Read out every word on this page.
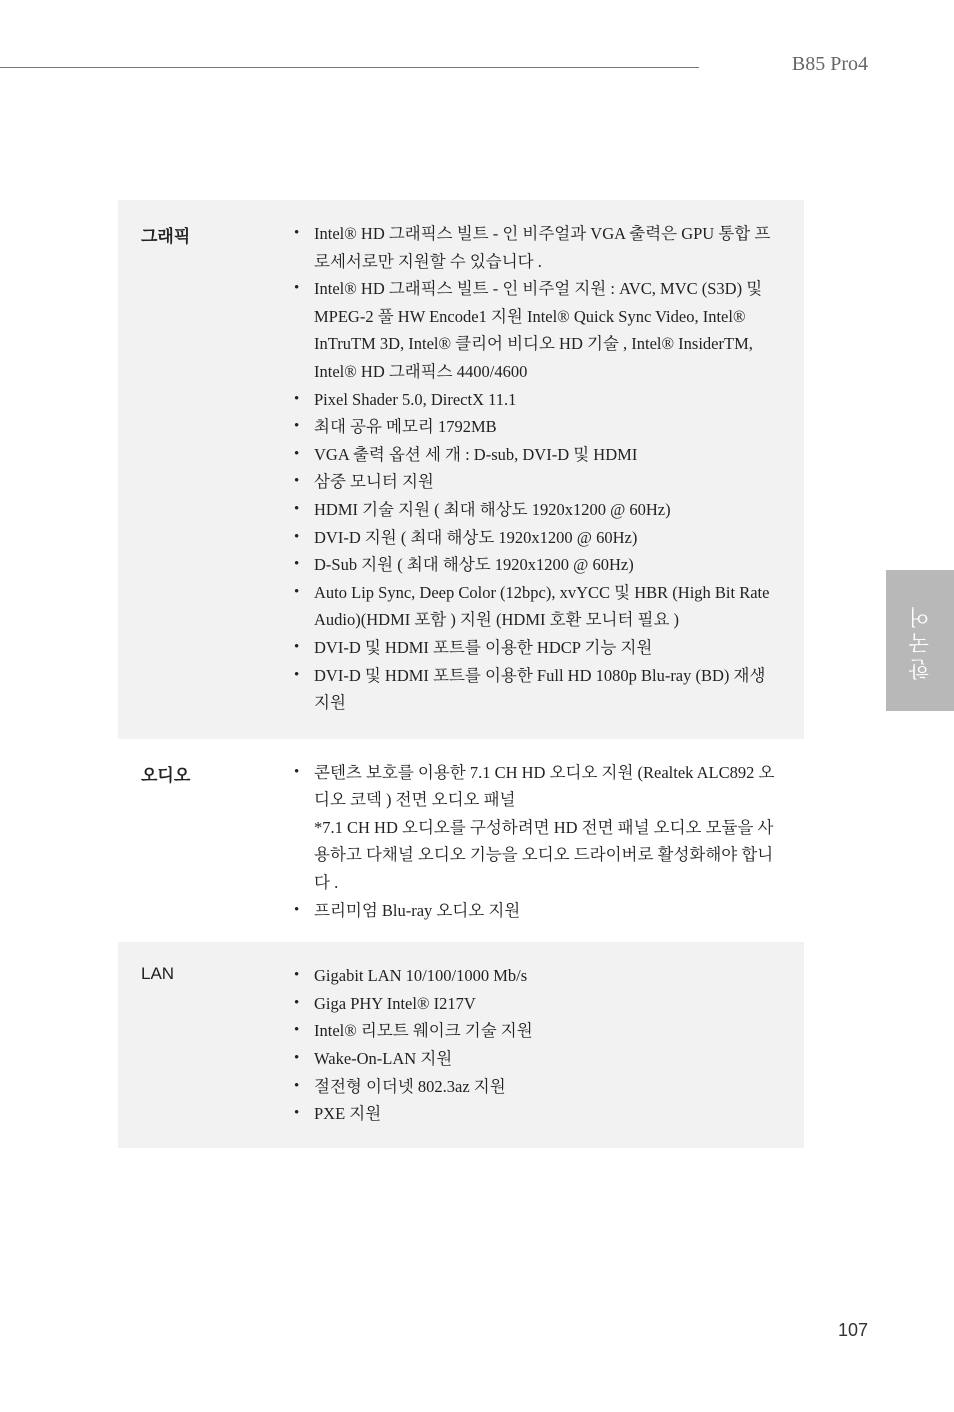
B85 Pro4
한국어
그래픽	• Intel® HD 그래픽스 빌트 - 인 비주얼과 VGA 출력은 GPU 통합 프로세서로만 지원할 수 있습니다 .
• Intel® HD 그래픽스 빌트 - 인 비주얼 지원 : AVC, MVC (S3D) 및 MPEG-2 풀 HW Encode1 지원 Intel® Quick Sync Video, Intel® InTruTM 3D, Intel® 클리어 비디오 HD 기술 , Intel® InsiderTM, Intel® HD 그래픽스 4400/4600
• Pixel Shader 5.0, DirectX 11.1
• 최대 공유 메모리 1792MB
• VGA 출력 옵션 세 개 : D-sub, DVI-D 및 HDMI
• 삼중 모니터 지원
• HDMI 기술 지원 ( 최대 해상도 1920x1200 @ 60Hz)
• DVI-D 지원 ( 최대 해상도 1920x1200 @ 60Hz)
• D-Sub 지원 ( 최대 해상도 1920x1200 @ 60Hz)
• Auto Lip Sync, Deep Color (12bpc), xvYCC 및 HBR (High Bit Rate Audio)(HDMI 포함 ) 지원 (HDMI 호환 모니터 필요 )
• DVI-D 및 HDMI 포트를 이용한 HDCP 기능 지원
• DVI-D 및 HDMI 포트를 이용한 Full HD 1080p Blu-ray (BD) 재생 지원
오디오	• 콘텐츠 보호를 이용한 7.1 CH HD 오디오 지원 (Realtek ALC892 오디오 코덱 ) 전면 오디오 패널
*7.1 CH HD 오디오를 구성하려면 HD 전면 패널 오디오 모듈을 사용하고 다채널 오디오 기능을 오디오 드라이버로 활성화해야 합니다 .
• 프리미엄 Blu-ray 오디오 지원
LAN	• Gigabit LAN 10/100/1000 Mb/s
• Giga PHY Intel® I217V
• Intel® 리모트 웨이크 기술 지원
• Wake-On-LAN 지원
• 절전형 이더넷 802.3az 지원
• PXE 지원
107
